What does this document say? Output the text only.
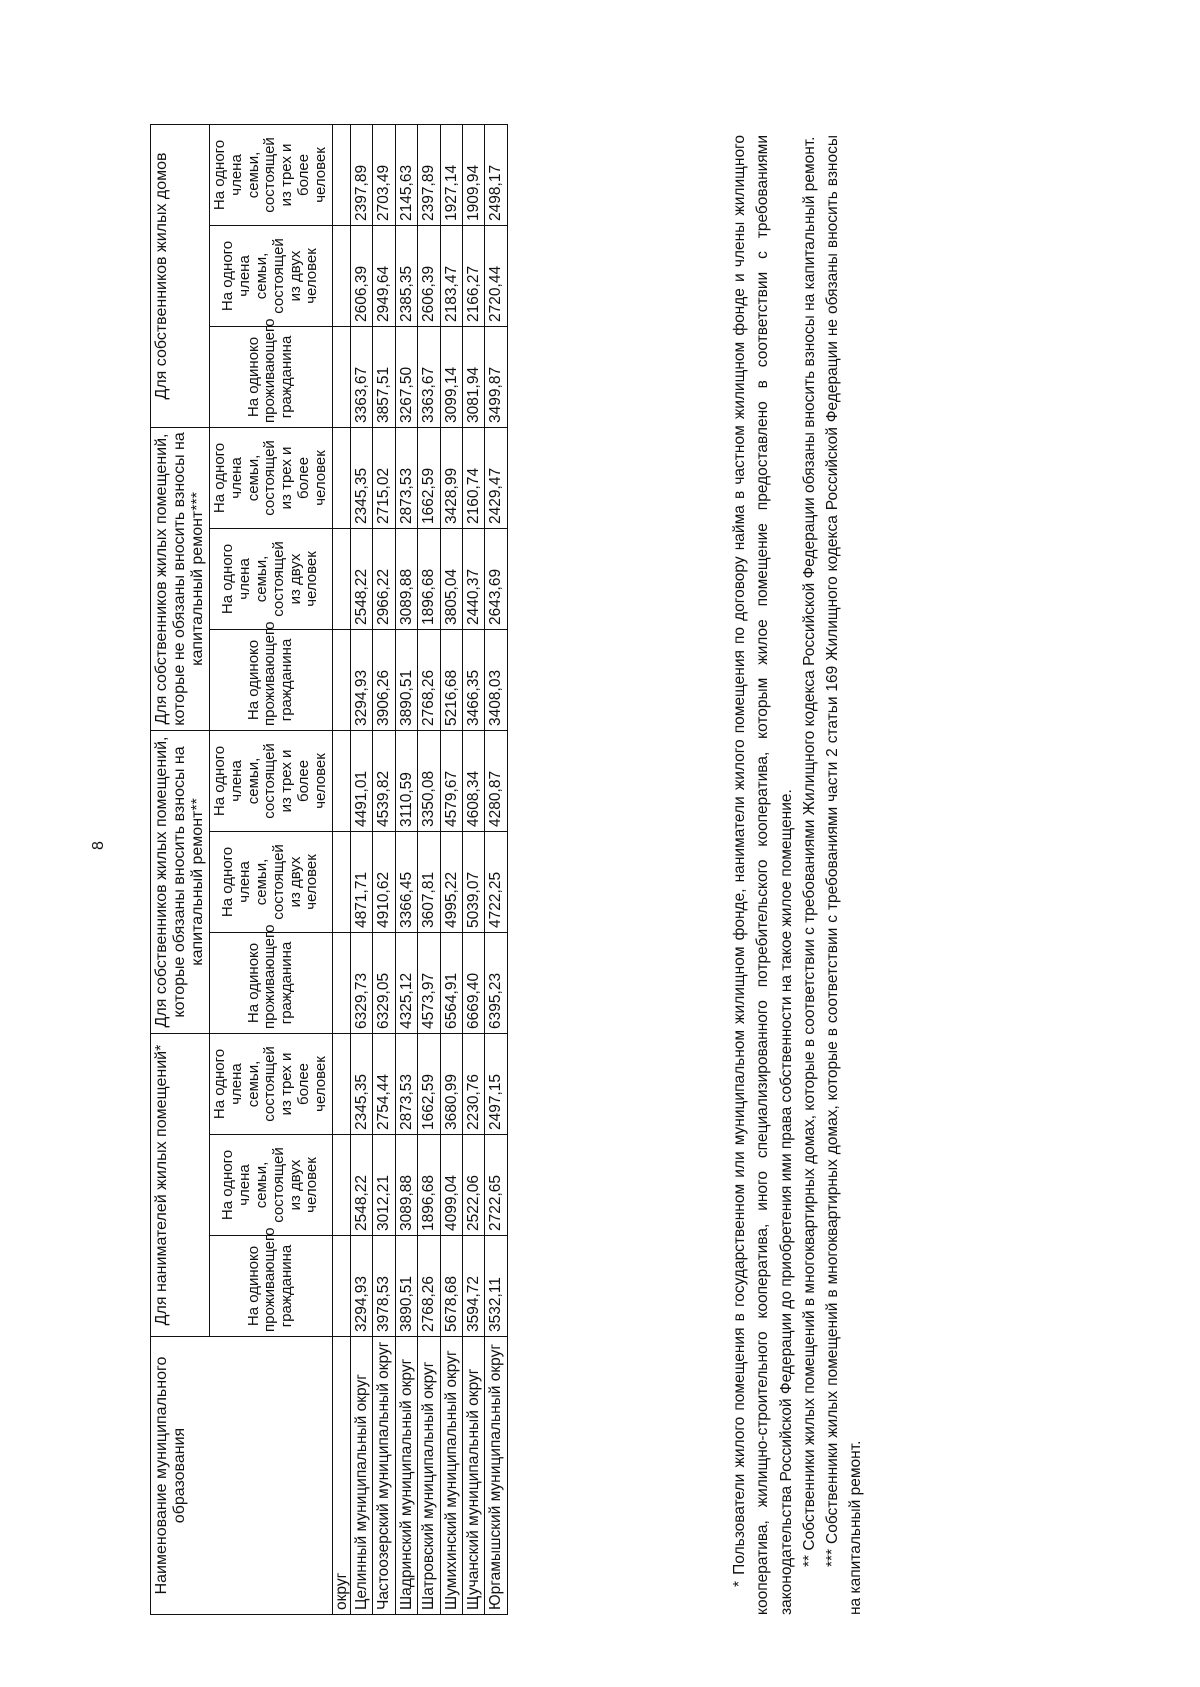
8
Наименование муниципального образования	Для нанимателей жилых помещений*			Для собственников жилых помещений, которые обязаны вносить взносы на капитальный ремонт**			Для собственников жилых помещений, которые не обязаны вносить взносы на капитальный ремонт***			Для собственников жилых домов		
	На одиноко проживающего гражданина	На одного члена семьи, состоящей из двух человек	На одного члена семьи, состоящей из трех и более человек	На одиноко проживающего гражданина	На одного члена семьи, состоящей из двух человек	На одного члена семьи, состоящей из трех и более человек	На одиноко проживающего гражданина	На одного члена семьи, состоящей из двух человек	На одного члена семьи, состоящей из трех и более человек	На одиноко проживающего гражданина	На одного члена семьи, состоящей из двух человек	На одного члена семьи, состоящей из трех и более человек
округ												
Целинный муниципальный округ	3294,93	2548,22	2345,35	6329,73	4871,71	4491,01	3294,93	2548,22	2345,35	3363,67	2606,39	2397,89
Частоозерский муниципальный округ	3978,53	3012,21	2754,44	6329,05	4910,62	4539,82	3906,26	2966,22	2715,02	3857,51	2949,64	2703,49
Шадринский муниципальный округ	3890,51	3089,88	2873,53	4325,12	3366,45	3110,59	3890,51	3089,88	2873,53	3267,50	2385,35	2145,63
Шатровский муниципальный округ	2768,26	1896,68	1662,59	4573,97	3607,81	3350,08	2768,26	1896,68	1662,59	3363,67	2606,39	2397,89
Шумихинский муниципальный округ	5678,68	4099,04	3680,99	6564,91	4995,22	4579,67	5216,68	3805,04	3428,99	3099,14	2183,47	1927,14
Щучанский муниципальный округ	3594,72	2522,06	2230,76	6669,40	5039,07	4608,34	3466,35	2440,37	2160,74	3081,94	2166,27	1909,94
Юргамышский муниципальный округ	3532,11	2722,65	2497,15	6395,23	4722,25	4280,87	3408,03	2643,69	2429,47	3499,87	2720,44	2498,17	* Пользователи жилого помещения в государственном или муниципальном жилищном фонде, наниматели жилого помещения по договору найма в частном жилищном фонде и члены жилищного кооператива, жилищно-строительного кооператива, иного специализированного потребительского кооператива, которым жилое помещение предоставлено в соответствии с требованиями законодательства Российской Федерации до приобретения ими права собственности на такое жилое помещение. ** Собственники жилых помещений в многоквартирных домах, которые в соответствии с требованиями Жилищного кодекса Российской Федерации обязаны вносить взносы на капитальный ремонт. *** Собственники жилых помещений в многоквартирных домах, которые в соответствии с требованиями части 2 статьи 169 Жилищного кодекса Российской Федерации не обязаны вносить взносы на капитальный ремонт.
